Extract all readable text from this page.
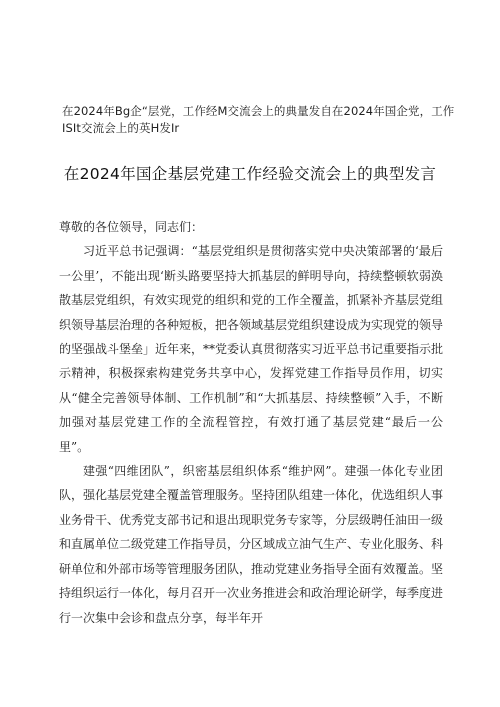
在2024年Bg企“层党，工作经M交流会上的典量发自在2024年国企党，工作ISIt交流会上的英H发Ir
在2024年国企基层党建工作经验交流会上的典型发言

尊敬的各位领导，同志们：

习近平总书记强调：“基层党组织是贯彻落实党中央决策部署的‘最后一公里’，不能出现‘断头路要坚持大抓基层的鲜明导向，持续整顿软弱涣散基层党组织，有效实现党的组织和党的工作全覆盖，抓紧补齐基层党组织领导基层治理的各种短板，把各领域基层党组织建设成为实现党的领导的坚强战斗堡垒」近年来，**党委认真贯彻落实习近平总书记重要指示批示精神，积极探索构建党务共享中心，发挥党建工作指导员作用，切实从“健全完善领导体制、工作机制”和“大抓基层、持续整顿”入手，不断加强对基层党建工作的全流程管控，有效打通了基层党建“最后一公里”。

建强“四维团队”，织密基层组织体系“维护网”。建强一体化专业团队，强化基层党建全覆盖管理服务。坚持团队组建一体化，优选组织人事业务骨干、优秀党支部书记和退出现职党务专家等，分层级聘任油田一级和直属单位二级党建工作指导员，分区域成立油气生产、专业化服务、科研单位和外部市场等管理服务团队，推动党建业务指导全面有效覆盖。坚持组织运行一体化，每月召开一次业务推进会和政治理论研学，每季度进行一次集中会诊和盘点分享，每半年开
